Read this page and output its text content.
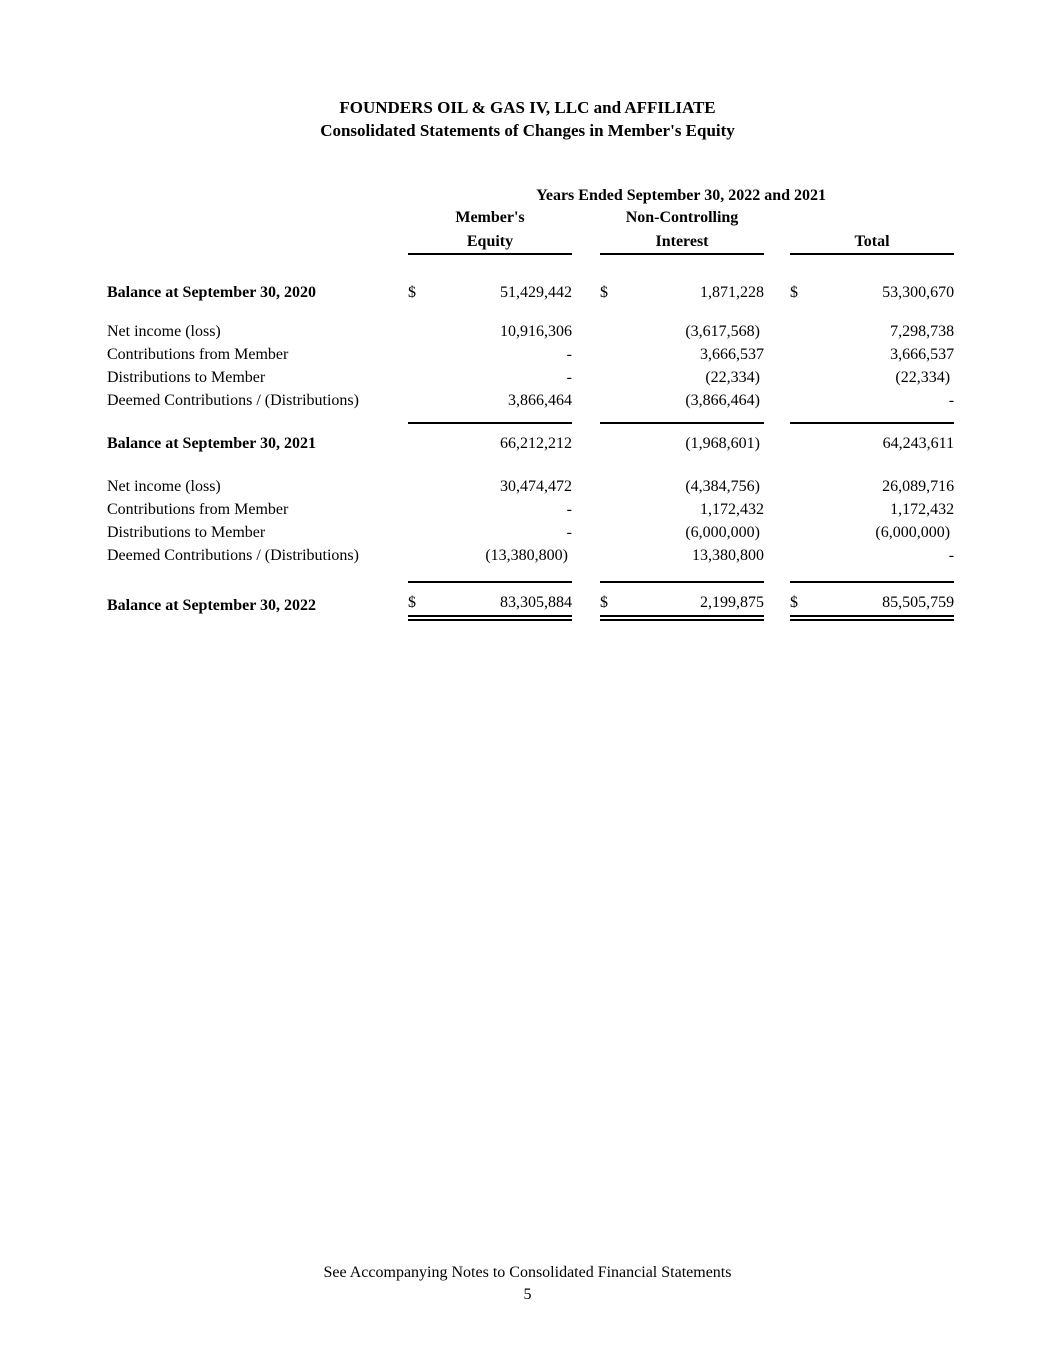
FOUNDERS OIL & GAS IV, LLC and AFFILIATE
Consolidated Statements of Changes in Member's Equity
	Years Ended September 30, 2022 and 2021							
	Member's			Non-Controlling				
	Equity			Interest			Total	

Balance at September 30, 2020	$	51,429,442		$	1,871,228		$	53,300,670

Net income (loss)		10,916,306			(3,617,568)			7,298,738
Contributions from Member		-			3,666,537			3,666,537
Distributions to Member		-			(22,334)			(22,334)
Deemed Contributions / (Distributions)		3,866,464			(3,866,464)			-

Balance at September 30, 2021		66,212,212			(1,968,601)			64,243,611

Net income (loss)		30,474,472			(4,384,756)			26,089,716
Contributions from Member		-			1,172,432			1,172,432
Distributions to Member		-			(6,000,000)			(6,000,000)
Deemed Contributions / (Distributions)		(13,380,800)			13,380,800			-

Balance at September 30, 2022	$	83,305,884		$	2,199,875		$	85,505,759
See Accompanying Notes to Consolidated Financial Statements
5
